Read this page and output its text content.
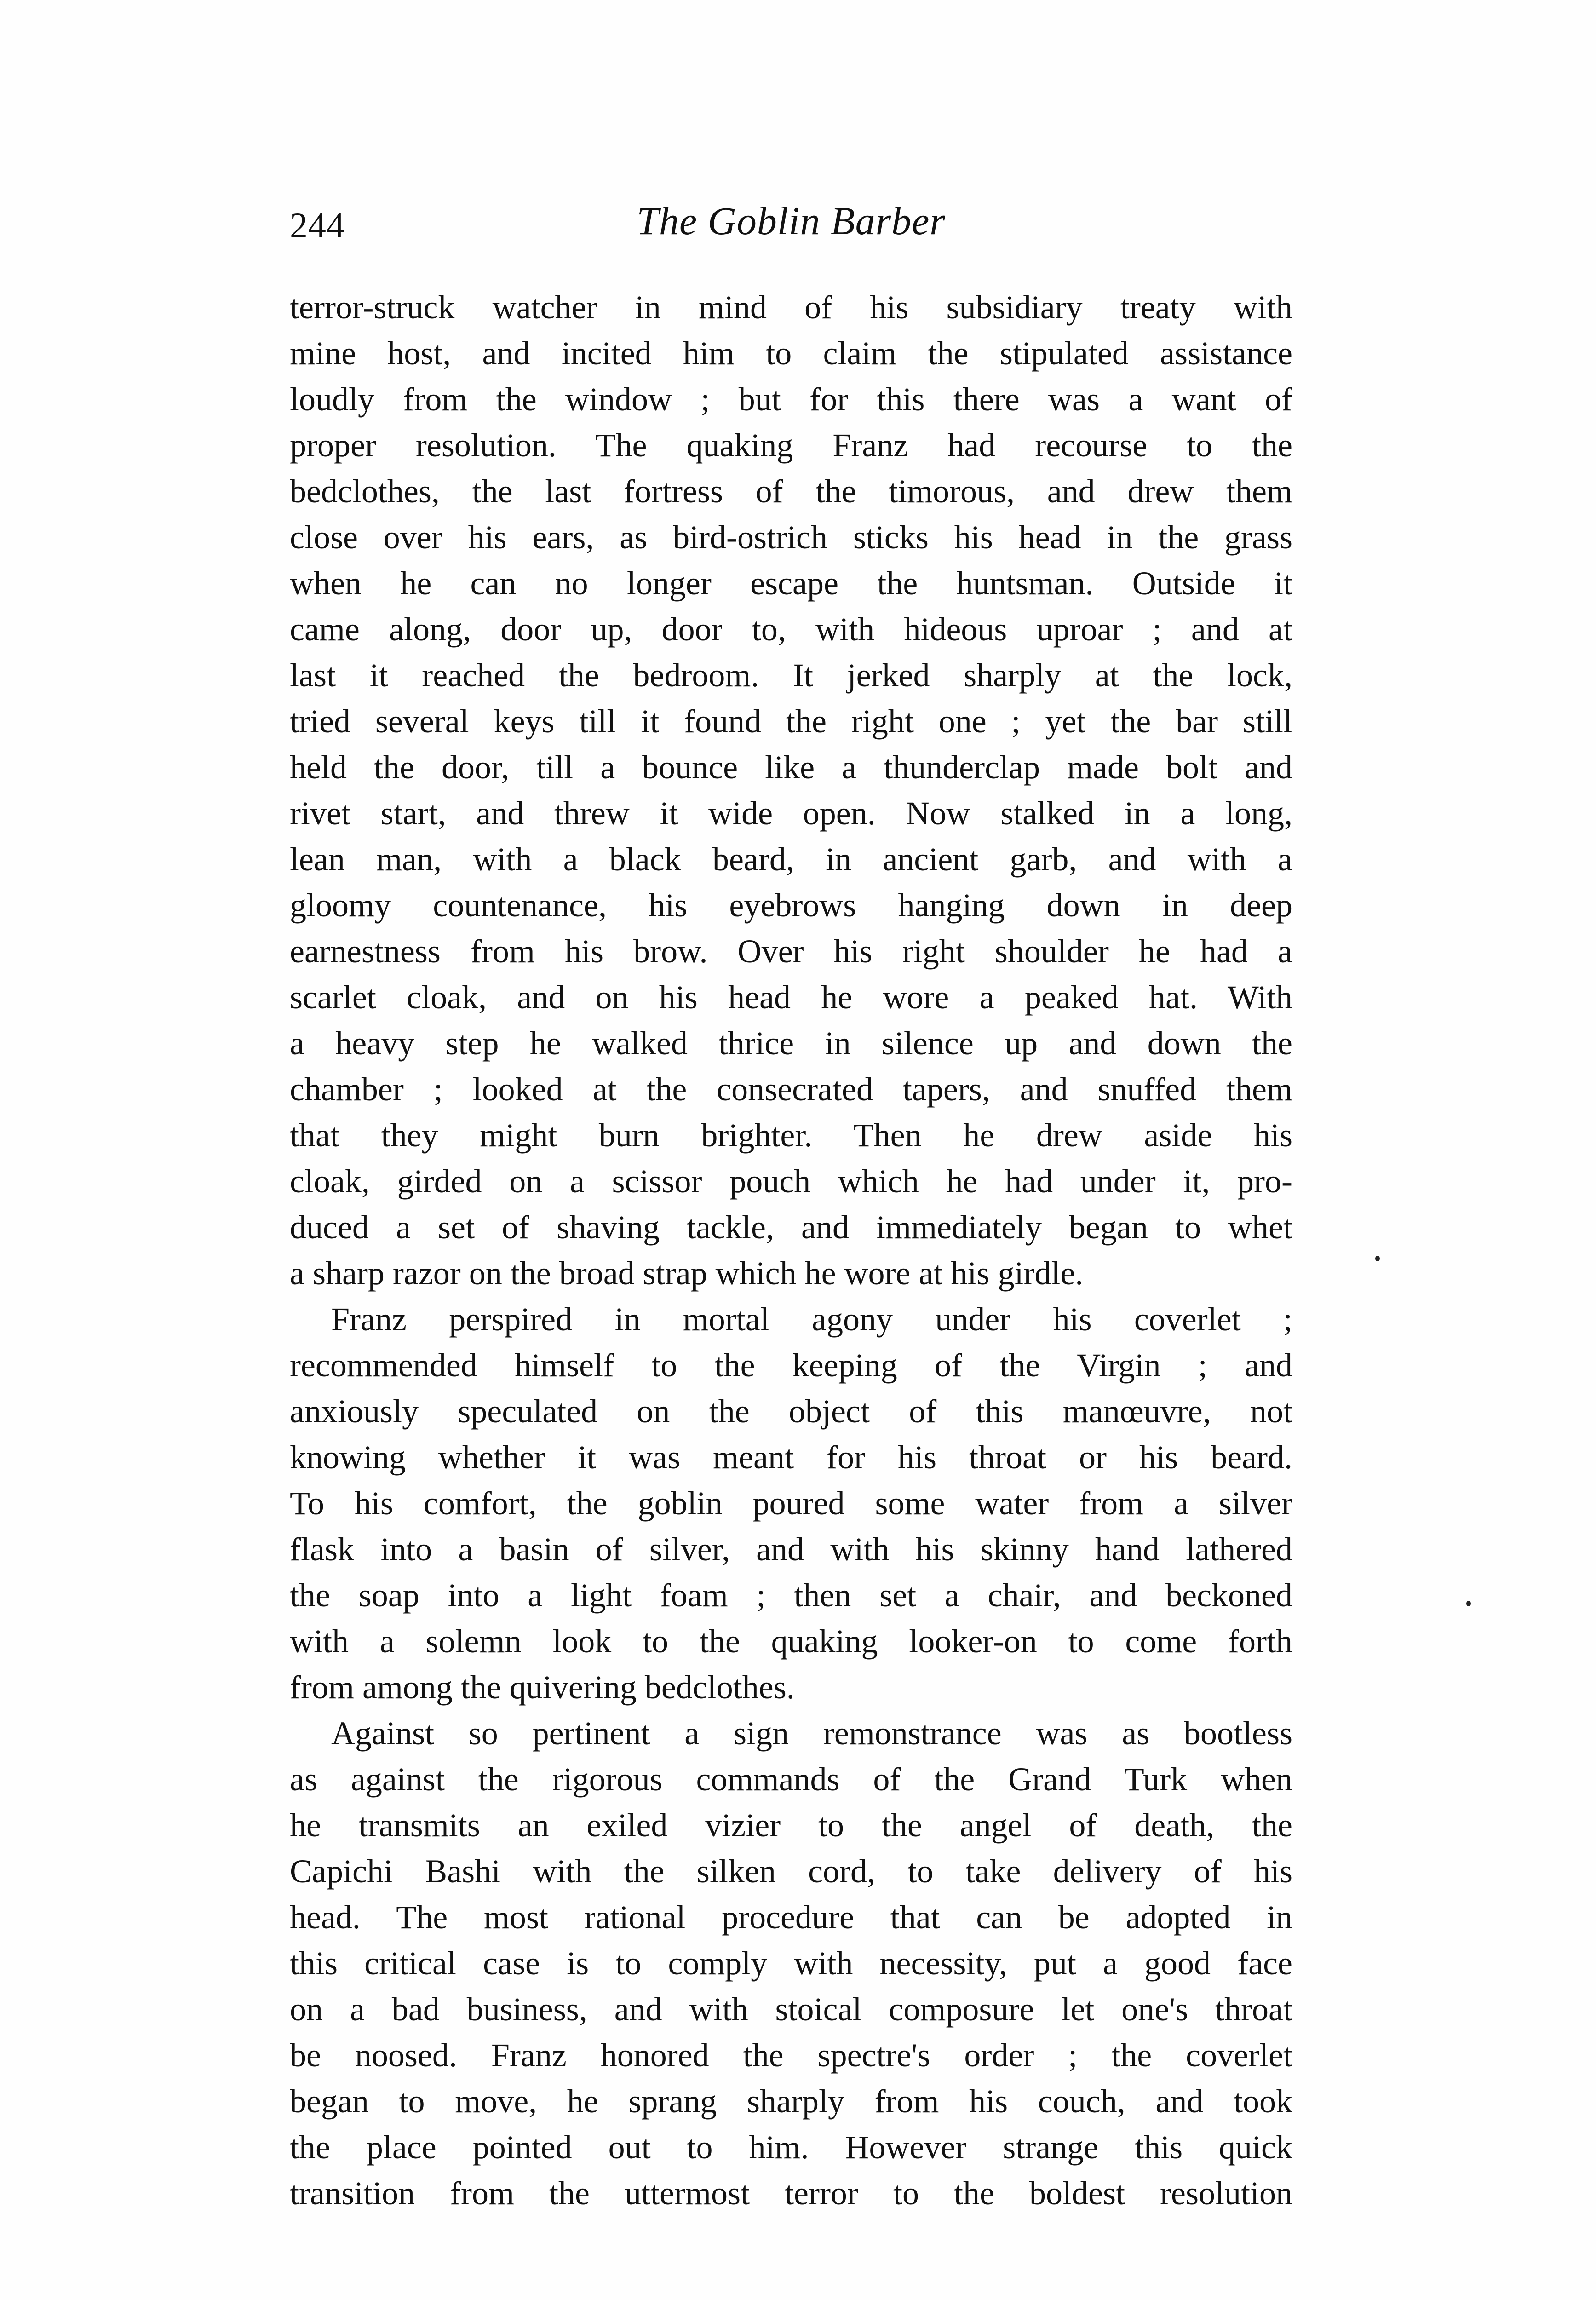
244	The Goblin Barber
terror-struck watcher in mind of his subsidiary treaty with
mine host, and incited him to claim the stipulated assistance
loudly from the window ; but for this there was a want of
proper resolution. The quaking Franz had recourse to the
bedclothes, the last fortress of the timorous, and drew them
close over his ears, as bird-ostrich sticks his head in the grass
when he can no longer escape the huntsman. Outside it
came along, door up, door to, with hideous uproar ; and at
last it reached the bedroom. It jerked sharply at the lock,
tried several keys till it found the right one ; yet the bar still
held the door, till a bounce like a thunderclap made bolt and
rivet start, and threw it wide open. Now stalked in a long,
lean man, with a black beard, in ancient garb, and with a
gloomy countenance, his eyebrows hanging down in deep
earnestness from his brow. Over his right shoulder he had a
scarlet cloak, and on his head he wore a peaked hat. With
a heavy step he walked thrice in silence up and down the
chamber ; looked at the consecrated tapers, and snuffed them
that they might burn brighter. Then he drew aside his
cloak, girded on a scissor pouch which he had under it, pro-
duced a set of shaving tackle, and immediately began to whet
a sharp razor on the broad strap which he wore at his girdle.
Franz perspired in mortal agony under his coverlet ;
recommended himself to the keeping of the Virgin ; and
anxiously speculated on the object of this manœuvre, not
knowing whether it was meant for his throat or his beard.
To his comfort, the goblin poured some water from a silver
flask into a basin of silver, and with his skinny hand lathered
the soap into a light foam ; then set a chair, and beckoned
with a solemn look to the quaking looker-on to come forth
from among the quivering bedclothes.
Against so pertinent a sign remonstrance was as bootless
as against the rigorous commands of the Grand Turk when
he transmits an exiled vizier to the angel of death, the
Capichi Bashi with the silken cord, to take delivery of his
head. The most rational procedure that can be adopted in
this critical case is to comply with necessity, put a good face
on a bad business, and with stoical composure let one's throat
be noosed. Franz honored the spectre's order ; the coverlet
began to move, he sprang sharply from his couch, and took
the place pointed out to him. However strange this quick
transition from the uttermost terror to the boldest resolution
